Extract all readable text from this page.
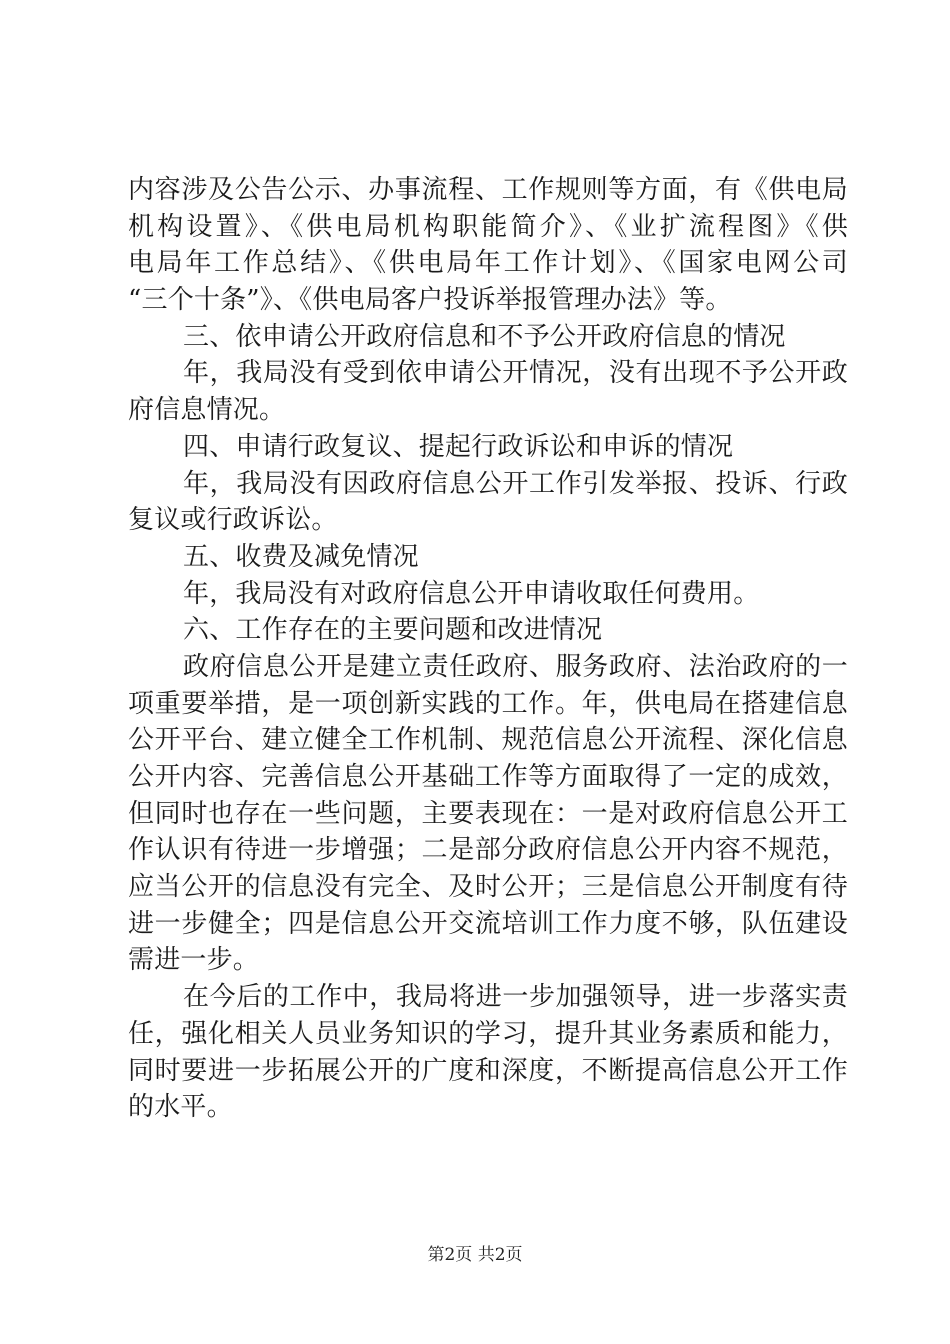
内容涉及公告公示、办事流程、工作规则等方面，有《供电局
机构设置》、《供电局机构职能简介》、《业扩流程图》《供
电局年工作总结》、《供电局年工作计划》、《国家电网公司
“三个十条”》、《供电局客户投诉举报管理办法》等。
三、依申请公开政府信息和不予公开政府信息的情况
年，我局没有受到依申请公开情况，没有出现不予公开政
府信息情况。
四、申请行政复议、提起行政诉讼和申诉的情况
年，我局没有因政府信息公开工作引发举报、投诉、行政
复议或行政诉讼。
五、收费及减免情况
年，我局没有对政府信息公开申请收取任何费用。
六、工作存在的主要问题和改进情况
政府信息公开是建立责任政府、服务政府、法治政府的一
项重要举措，是一项创新实践的工作。年，供电局在搭建信息
公开平台、建立健全工作机制、规范信息公开流程、深化信息
公开内容、完善信息公开基础工作等方面取得了一定的成效，
但同时也存在一些问题，主要表现在：一是对政府信息公开工
作认识有待进一步增强；二是部分政府信息公开内容不规范，
应当公开的信息没有完全、及时公开；三是信息公开制度有待
进一步健全；四是信息公开交流培训工作力度不够，队伍建设
需进一步。
在今后的工作中，我局将进一步加强领导，进一步落实责
任，强化相关人员业务知识的学习，提升其业务素质和能力，
同时要进一步拓展公开的广度和深度，不断提高信息公开工作
的水平。
第2页 共2页
